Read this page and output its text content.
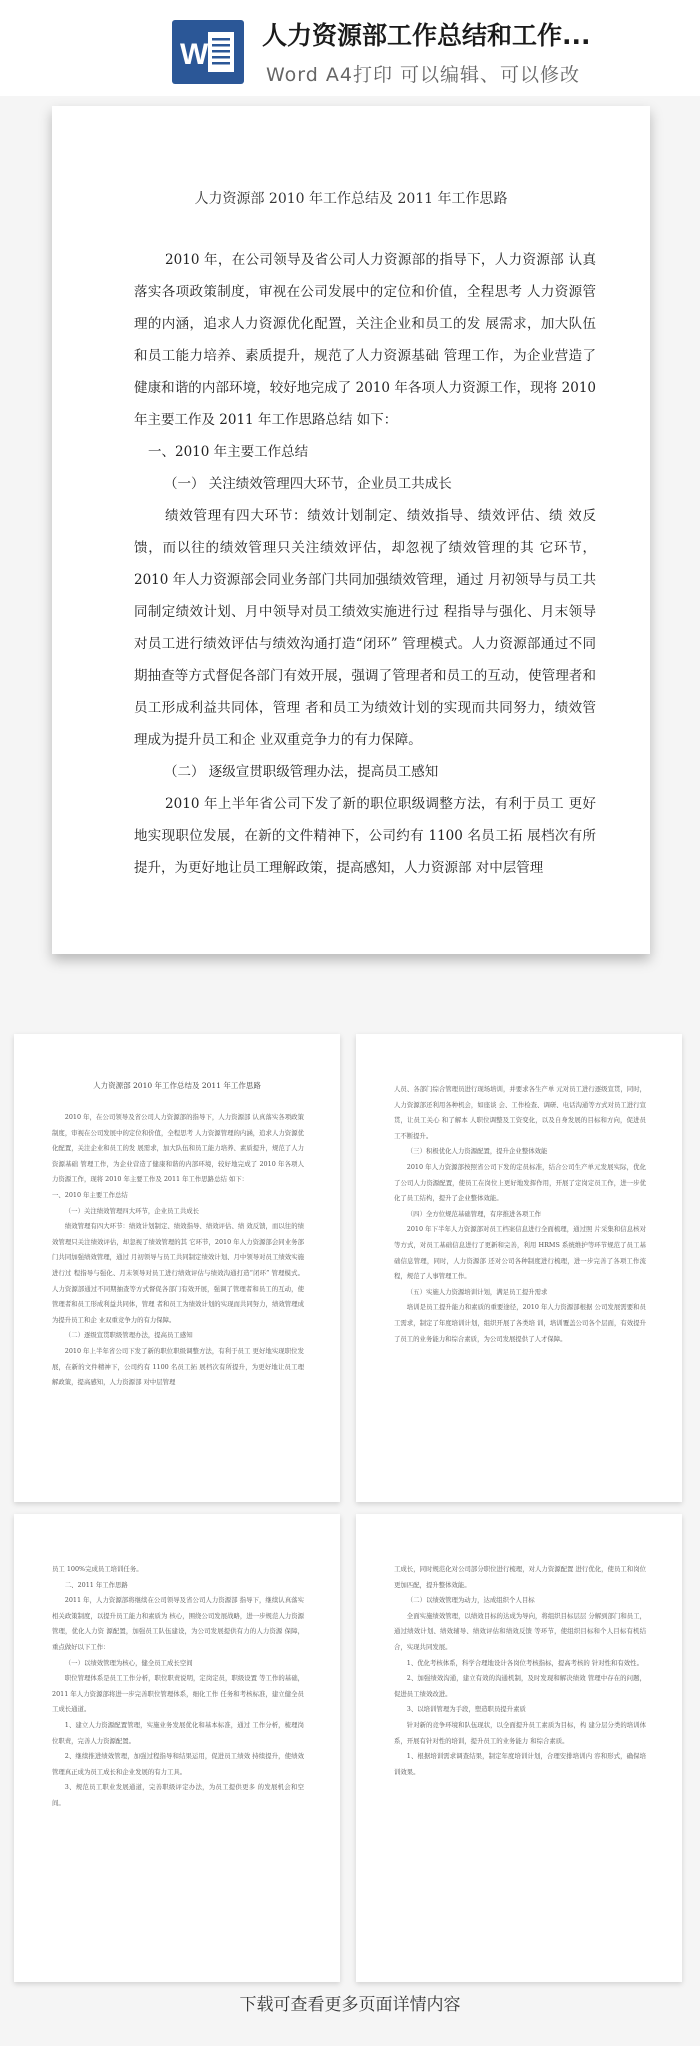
W
人力资源部工作总结和工作...
Word A4打印 可以编辑、可以修改
人力资源部 2010 年工作总结及 2011 年工作思路

2010 年，在公司领导及省公司人力资源部的指导下，人力资源部 认真落实各项政策制度，审视在公司发展中的定位和价值，全程思考 人力资源管理的内涵，追求人力资源优化配置，关注企业和员工的发 展需求，加大队伍和员工能力培养、素质提升，规范了人力资源基础 管理工作，为企业营造了健康和谐的内部环境，较好地完成了 2010 年各项人力资源工作，现将 2010 年主要工作及 2011 年工作思路总结 如下：

一、2010 年主要工作总结

（一） 关注绩效管理四大环节，企业员工共成长

绩效管理有四大环节：绩效计划制定、绩效指导、绩效评估、绩 效反馈，而以往的绩效管理只关注绩效评估，却忽视了绩效管理的其 它环节，2010 年人力资源部会同业务部门共同加强绩效管理，通过 月初领导与员工共同制定绩效计划、月中领导对员工绩效实施进行过 程指导与强化、月末领导对员工进行绩效评估与绩效沟通打造“闭环” 管理模式。人力资源部通过不同期抽查等方式督促各部门有效开展，强调了管理者和员工的互动，使管理者和员工形成利益共同体，管理 者和员工为绩效计划的实现而共同努力，绩效管理成为提升员工和企 业双重竞争力的有力保障。

（二） 逐级宣贯职级管理办法，提高员工感知

2010 年上半年省公司下发了新的职位职级调整方法，有利于员工 更好地实现职位发展，在新的文件精神下，公司约有 1100 名员工拓 展档次有所提升，为更好地让员工理解政策，提高感知，人力资源部 对中层管理

人力资源部 2010 年工作总结及 2011 年工作思路

2010 年，在公司领导及省公司人力资源部的指导下，人力资源部 认真落实各项政策制度，审视在公司发展中的定位和价值，全程思考 人力资源管理的内涵，追求人力资源优化配置，关注企业和员工的发 展需求，加大队伍和员工能力培养、素质提升，规范了人力资源基础 管理工作，为企业营造了健康和谐的内部环境，较好地完成了 2010 年各项人力资源工作，现将 2010 年主要工作及 2011 年工作思路总结 如下：

一、2010 年主要工作总结

（一）关注绩效管理四大环节，企业员工共成长

绩效管理有四大环节：绩效计划制定、绩效指导、绩效评估、绩 效反馈，而以往的绩效管理只关注绩效评估，却忽视了绩效管理的其 它环节，2010 年人力资源部会同业务部门共同加强绩效管理，通过 月初领导与员工共同制定绩效计划、月中领导对员工绩效实施进行过 程指导与强化、月末领导对员工进行绩效评估与绩效沟通打造“闭环” 管理模式。人力资源部通过不同期抽查等方式督促各部门有效开展，强调了管理者和员工的互动，使管理者和员工形成利益共同体，管理 者和员工为绩效计划的实现而共同努力，绩效管理成为提升员工和企 业双重竞争力的有力保障。

（二）逐级宣贯职级管理办法，提高员工感知

2010 年上半年省公司下发了新的职位职级调整方法，有利于员工 更好地实现职位发展，在新的文件精神下，公司约有 1100 名员工拓 展档次有所提升，为更好地让员工理解政策，提高感知，人力资源部 对中层管理

人员、各部门综合管理员进行现场培训，并要求各生产单 元对员工进行逐级宣贯，同时，人力资源部还利用各种机会，如座谈 会、工作检查、调研、电话沟通等方式对员工进行宣贯，让员工关心 和了解本 人职位调整及工资变化，以及自身发展的目标和方向，促进员工不断提升。

（三）积极优化人力资源配置，提升企业整体效能

2010 年人力资源部按照省公司下发的定员标准，结合公司生产单元发展实际，优化了公司人力资源配置，使员工在岗位上更好地发挥作用，开展了定岗定员工作，进一步优化了员工结构，提升了企业整体效能。

（四）全方位规范基础管理，有序推进各项工作

2010 年下半年人力资源部对员工档案信息进行全面梳理，通过照 片采集和信息核对等方式，对员工基础信息进行了更新和完善，利用 HRMS 系统维护等环节规范了员工基础信息管理，同时，人力资源部 还对公司各种制度进行梳理，进一步完善了各项工作流程，规范了人事管理工作。

（五）实施人力资源培训计划，满足员工提升需求

培训是员工提升能力和素质的重要途径，2010 年人力资源部根据 公司发展需要和员工需求，制定了年度培训计划，组织开展了各类培 训，培训覆盖公司各个层面，有效提升了员工的业务能力和综合素质，为公司发展提供了人才保障。

员工 100%完成员工培训任务。

二、2011 年工作思路

2011 年，人力资源部将继续在公司领导及省公司人力资源部 指导下，继续认真落实相关政策制度，以提升员工能力和素质为 核心，围绕公司发展战略，进一步规范人力资源管理，优化人力资 源配置，加强员工队伍建设，为公司发展提供有力的人力资源 保障，重点做好以下工作：

（一）以绩效管理为核心，健全员工成长空间

职位管理体系是员工工作分析，职位职责说明，定岗定员，职级设置 等工作的基础，2011 年人力资源部将进一步完善职位管理体系，细化工作 任务和考核标准，建立健全员工成长通道。

1、建立人力资源配置管理，实施业务发展优化和基本标准，通过 工作分析，梳理岗位职责，完善人力资源配置。

2、继续推进绩效管理，加强过程指导和结果运用，促进员工绩效 持续提升，使绩效管理真正成为员工成长和企业发展的有力工具。

3、规范员工职业发展通道，完善职级评定办法，为员工提供更多 的发展机会和空间。

工成长，同时规范化对公司部分职位进行梳理，对人力资源配置 进行优化，使员工和岗位更加匹配，提升整体效能。

（二）以绩效管理为动力，达成组织个人目标

全面实施绩效管理，以绩效目标的达成为导向，将组织目标层层 分解到部门和员工，通过绩效计划、绩效辅导、绩效评估和绩效反馈 等环节，使组织目标和个人目标有机结合，实现共同发展。

1、优化考核体系，科学合理地设计各岗位考核指标，提高考核的 针对性和有效性。

2、加强绩效沟通，建立有效的沟通机制，及时发现和解决绩效 管理中存在的问题，促进员工绩效改进。

3、以培训管理为手段，塑造职员提升素质

针对新的竞争环境和队伍现状，以全面提升员工素质为目标，构 建分层分类的培训体系，开展有针对性的培训，提升员工的业务能力 和综合素质。

1、根据培训需求调查结果，制定年度培训计划，合理安排培训内 容和形式，确保培训效果。

下载可查看更多页面详情内容
